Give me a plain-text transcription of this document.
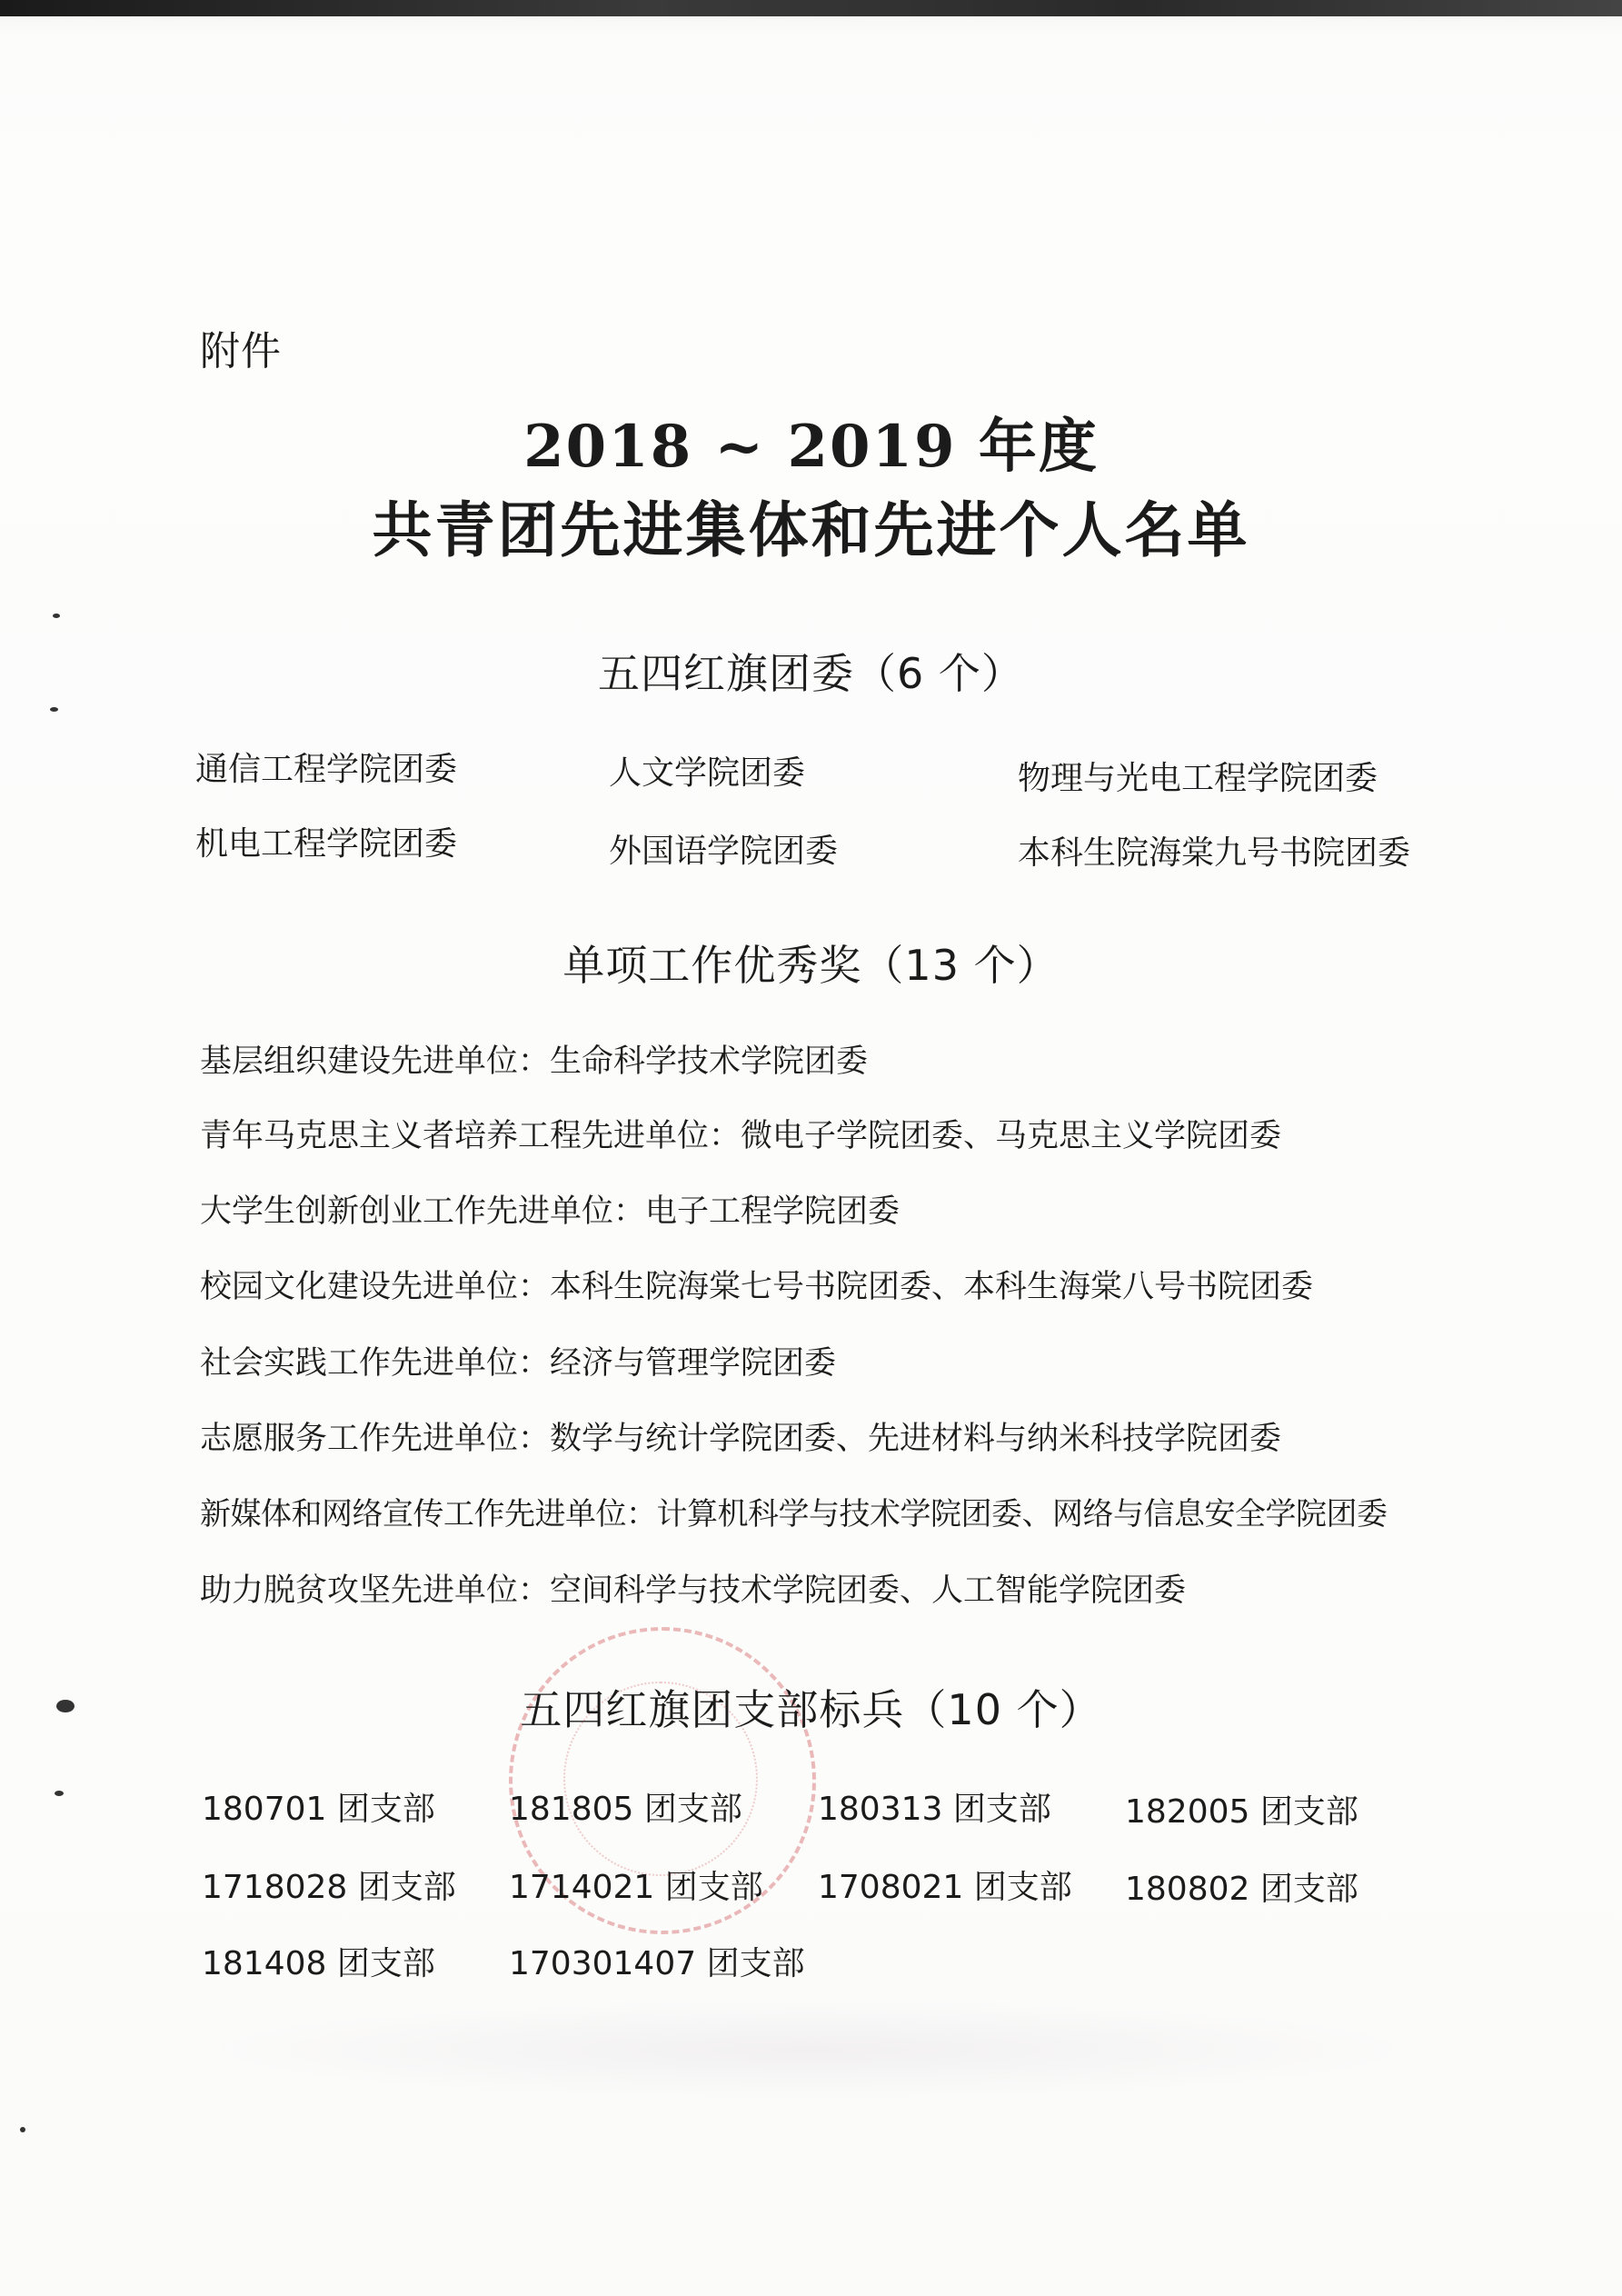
附件
2018 ~ 2019 年度
共青团先进集体和先进个人名单
五四红旗团委（6 个）
通信工程学院团委	人文学院团委	物理与光电工程学院团委
机电工程学院团委	外国语学院团委	本科生院海棠九号书院团委
单项工作优秀奖（13 个）
基层组织建设先进单位：生命科学技术学院团委
青年马克思主义者培养工程先进单位：微电子学院团委、马克思主义学院团委
大学生创新创业工作先进单位：电子工程学院团委
校园文化建设先进单位：本科生院海棠七号书院团委、本科生海棠八号书院团委
社会实践工作先进单位：经济与管理学院团委
志愿服务工作先进单位：数学与统计学院团委、先进材料与纳米科技学院团委
新媒体和网络宣传工作先进单位：计算机科学与技术学院团委、网络与信息安全学院团委
助力脱贫攻坚先进单位：空间科学与技术学院团委、人工智能学院团委
五四红旗团支部标兵（10 个）
180701 团支部 181805 团支部 180313 团支部 182005 团支部
1718028 团支部 1714021 团支部 1708021 团支部 180802 团支部
181408 团支部 170301407 团支部
